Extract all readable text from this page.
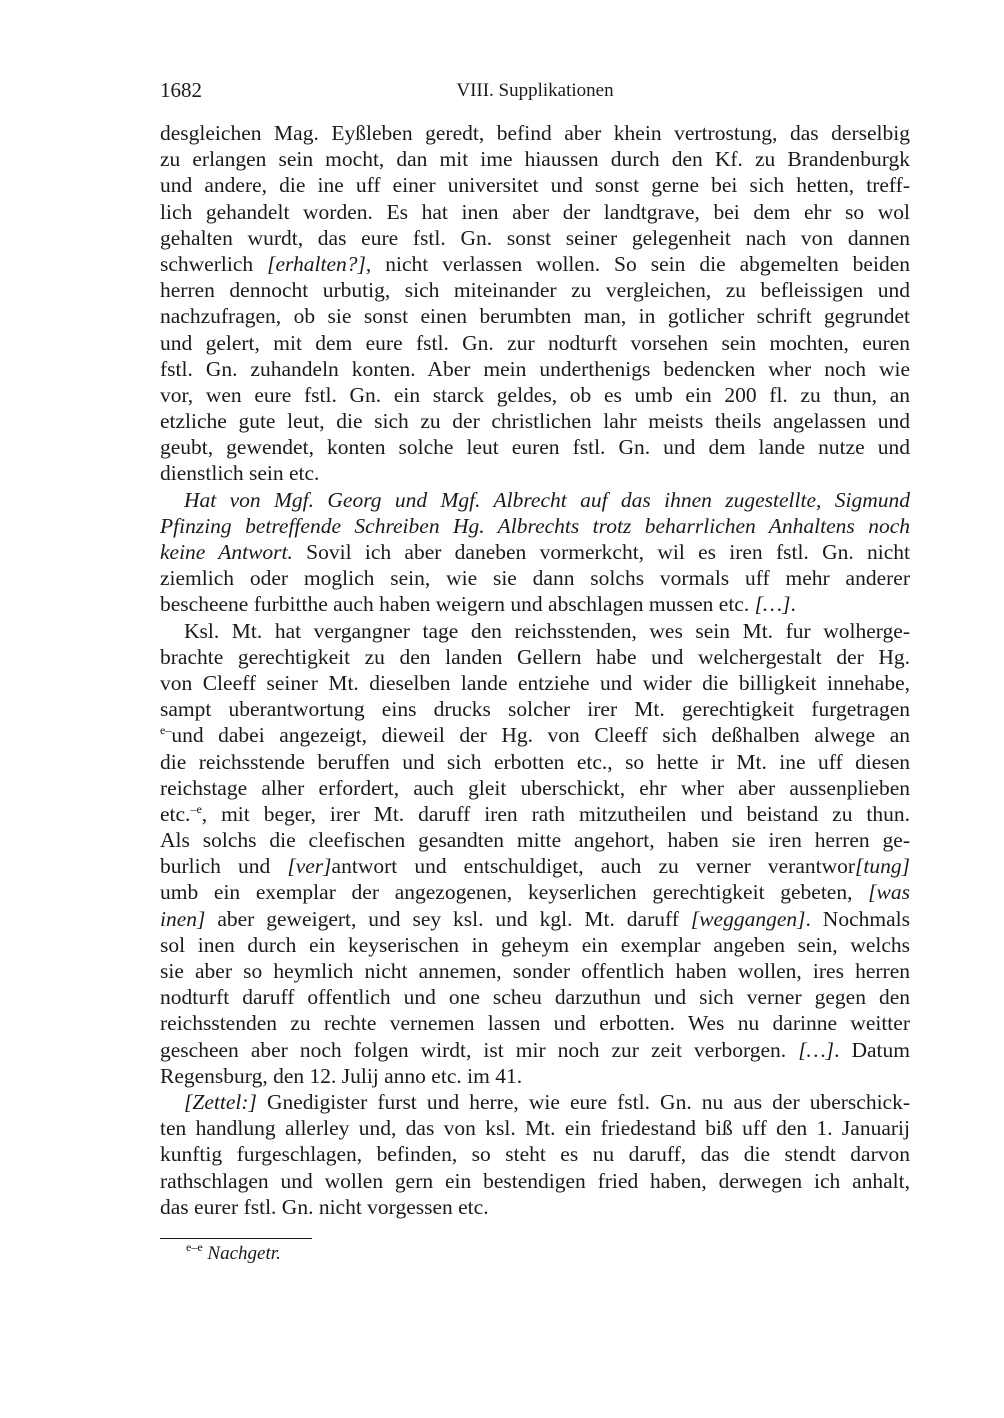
1682	VIII. Supplikationen
desgleichen Mag. Eyßleben geredt, befind aber khein vertrostung, das derselbig
zu erlangen sein mocht, dan mit ime hiaussen durch den Kf. zu Brandenburgk
und andere, die ine uff einer universitet und sonst gerne bei sich hetten, treff-
lich gehandelt worden. Es hat inen aber der landtgrave, bei dem ehr so wol
gehalten wurdt, das eure fstl. Gn. sonst seiner gelegenheit nach von dannen
schwerlich [erhalten?], nicht verlassen wollen. So sein die abgemelten beiden
herren dennocht urbutig, sich miteinander zu vergleichen, zu befleissigen und
nachzufragen, ob sie sonst einen berumbten man, in gotlicher schrift gegrundet
und gelert, mit dem eure fstl. Gn. zur nodturft vorsehen sein mochten, euren
fstl. Gn. zuhandeln konten. Aber mein underthenigs bedencken wher noch wie
vor, wen eure fstl. Gn. ein starck geldes, ob es umb ein 200 fl. zu thun, an
etzliche gute leut, die sich zu der christlichen lahr meists theils angelassen und
geubt, gewendet, konten solche leut euren fstl. Gn. und dem lande nutze und
dienstlich sein etc.
Hat von Mgf. Georg und Mgf. Albrecht auf das ihnen zugestellte, Sigmund
Pfinzing betreffende Schreiben Hg. Albrechts trotz beharrlichen Anhaltens noch
keine Antwort. Sovil ich aber daneben vormerkcht, wil es iren fstl. Gn. nicht
ziemlich oder moglich sein, wie sie dann solchs vormals uff mehr anderer
bescheene furbitthe auch haben weigern und abschlagen mussen etc. […].
Ksl. Mt. hat vergangner tage den reichsstenden, wes sein Mt. fur wolherge-
brachte gerechtigkeit zu den landen Gellern habe und welchergestalt der Hg.
von Cleeff seiner Mt. dieselben lande entziehe und wider die billigkeit innehabe,
sampt uberantwortung eins drucks solcher irer Mt. gerechtigkeit furgetragen
$^{e-}$und dabei angezeigt, dieweil der Hg. von Cleeff sich deßhalben alwege an
die reichsstende beruffen und sich erbotten etc., so hette ir Mt. ine uff diesen
reichstage alher erfordert, auch gleit uberschickt, ehr wher aber aussenplieben
etc.$^{-e}$, mit beger, irer Mt. daruff iren rath mitzutheilen und beistand zu thun.
Als solchs die cleefischen gesandten mitte angehort, haben sie iren herren ge-
burlich und [ver]antwort und entschuldiget, auch zu verner verantwor[tung]
umb ein exemplar der angezogenen, keyserlichen gerechtigkeit gebeten, [was
inen] aber geweigert, und sey ksl. und kgl. Mt. daruff [weggangen]. Nochmals
sol inen durch ein keyserischen in geheym ein exemplar angeben sein, welchs
sie aber so heymlich nicht annemen, sonder offentlich haben wollen, ires herren
nodturft daruff offentlich und one scheu darzuthun und sich verner gegen den
reichsstenden zu rechte vernemen lassen und erbotten. Wes nu darinne weitter
gescheen aber noch folgen wirdt, ist mir noch zur zeit verborgen. […]. Datum
Regensburg, den 12. Julij anno etc. im 41.
[Zettel:] Gnedigister furst und herre, wie eure fstl. Gn. nu aus der uberschick-
ten handlung allerley und, das von ksl. Mt. ein friedestand biß uff den 1. Januarij
kunftig furgeschlagen, befinden, so steht es nu daruff, das die stendt darvon
rathschlagen und wollen gern ein bestendigen fried haben, derwegen ich anhalt,
das eurer fstl. Gn. nicht vorgessen etc.
$^{e-e}$ Nachgetr.
